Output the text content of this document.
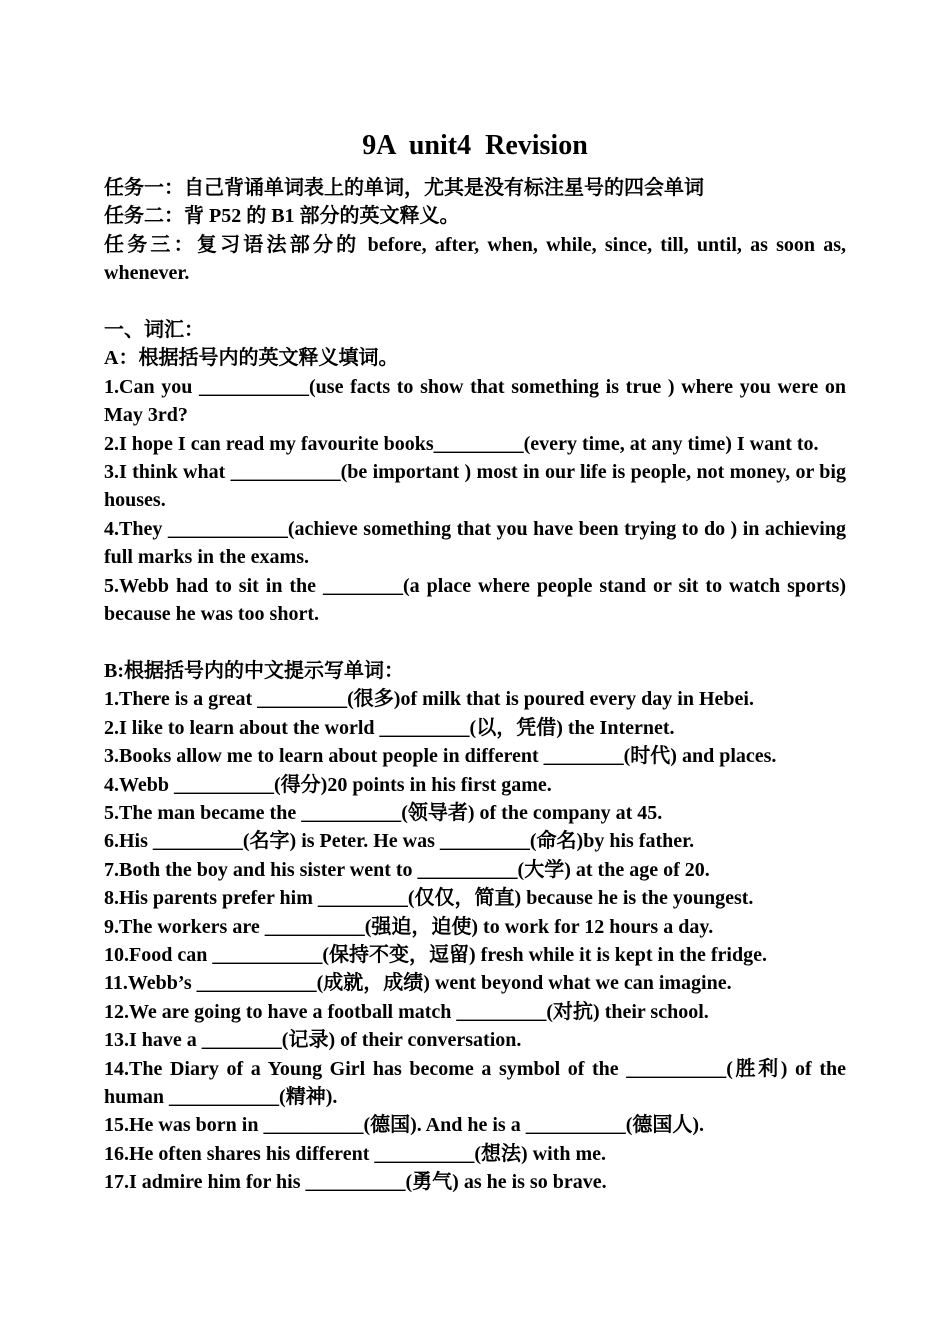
9A  unit4  Revision
任务一：自己背诵单词表上的单词，尤其是没有标注星号的四会单词
任务二：背 P52 的 B1 部分的英文释义。
任务三：复习语法部分的 before, after, when, while, since, till, until, as soon as, whenever.
一、词汇：
A：根据括号内的英文释义填词。
1.Can you ___________(use facts to show that something is true ) where you were on May 3rd?
2.I hope I can read my favourite books_________(every time, at any time) I want to.
3.I think what ___________(be important ) most in our life is people, not money, or big houses.
4.They ____________(achieve something that you have been trying to do ) in achieving full marks in the exams.
5.Webb had to sit in the ________(a place where people stand or sit to watch sports) because he was too short.
B:根据括号内的中文提示写单词：
1.There is a great _________(很多)of milk that is poured every day in Hebei.
2.I like to learn about the world _________(以，凭借) the Internet.
3.Books allow me to learn about people in different ________(时代) and places.
4.Webb __________(得分)20 points in his first game.
5.The man became the __________(领导者) of the company at 45.
6.His _________(名字) is Peter. He was _________(命名)by his father.
7.Both the boy and his sister went to __________(大学) at the age of 20.
8.His parents prefer him _________(仅仅，简直) because he is the youngest.
9.The workers are __________(强迫，迫使) to work for 12 hours a day.
10.Food can ___________(保持不变，逗留) fresh while it is kept in the fridge.
11.Webb’s ____________(成就，成绩) went beyond what we can imagine.
12.We are going to have a football match _________(对抗) their school.
13.I have a ________(记录) of their conversation.
14.The Diary of a Young Girl has become a symbol of the __________(胜利) of the human ___________(精神).
15.He was born in __________(德国). And he is a __________(德国人).
16.He often shares his different __________(想法) with me.
17.I admire him for his __________(勇气) as he is so brave.
